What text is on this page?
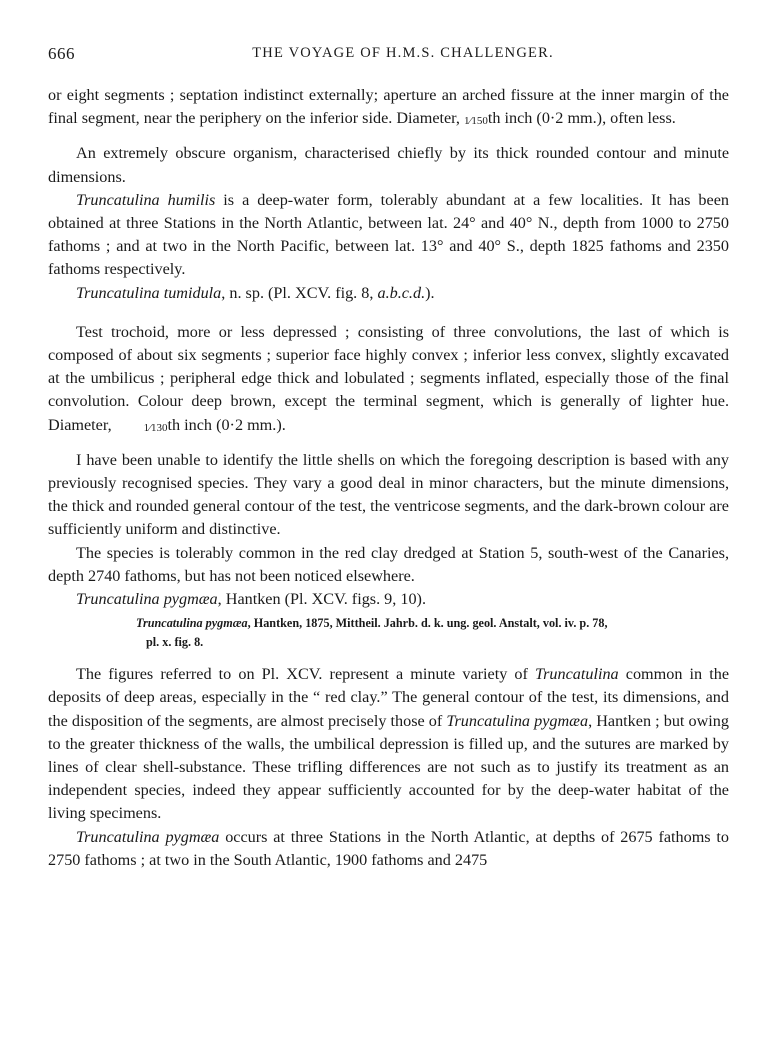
666	THE VOYAGE OF H.M.S. CHALLENGER.

or eight segments ; septation indistinct externally; aperture an arched fissure at the inner margin of the final segment, near the periphery on the inferior side. Diameter, 1⁄150th inch (0·2 mm.), often less.

An extremely obscure organism, characterised chiefly by its thick rounded contour and minute dimensions.

Truncatulina humilis is a deep-water form, tolerably abundant at a few localities. It has been obtained at three Stations in the North Atlantic, between lat. 24° and 40° N., depth from 1000 to 2750 fathoms ; and at two in the North Pacific, between lat. 13° and 40° S., depth 1825 fathoms and 2350 fathoms respectively.

Truncatulina tumidula, n. sp. (Pl. XCV. fig. 8, a.b.c.d.).

Test trochoid, more or less depressed ; consisting of three convolutions, the last of which is composed of about six segments ; superior face highly convex ; inferior less convex, slightly excavated at the umbilicus ; peripheral edge thick and lobulated ; segments inflated, especially those of the final convolution. Colour deep brown, except the terminal segment, which is generally of lighter hue. Diameter,	1⁄130th inch (0·2 mm.).

I have been unable to identify the little shells on which the foregoing description is based with any previously recognised species. They vary a good deal in minor characters, but the minute dimensions, the thick and rounded general contour of the test, the ventricose segments, and the dark-brown colour are sufficiently uniform and distinctive.

The species is tolerably common in the red clay dredged at Station 5, south-west of the Canaries, depth 2740 fathoms, but has not been noticed elsewhere.

Truncatulina pygmæa, Hantken (Pl. XCV. figs. 9, 10).

Truncatulina pygmæa, Hantken, 1875, Mittheil. Jahrb. d. k. ung. geol. Anstalt, vol. iv. p. 78,
pl. x. fig. 8.

The figures referred to on Pl. XCV. represent a minute variety of Truncatulina common in the deposits of deep areas, especially in the “ red clay.” The general contour of the test, its dimensions, and the disposition of the segments, are almost precisely those of Truncatulina pygmæa, Hantken ; but owing to the greater thickness of the walls, the umbilical depression is filled up, and the sutures are marked by lines of clear shell-substance. These trifling differences are not such as to justify its treatment as an independent species, indeed they appear sufficiently accounted for by the deep-water habitat of the living specimens.

Truncatulina pygmæa occurs at three Stations in the North Atlantic, at depths of 2675 fathoms to 2750 fathoms ; at two in the South Atlantic, 1900 fathoms and 2475
